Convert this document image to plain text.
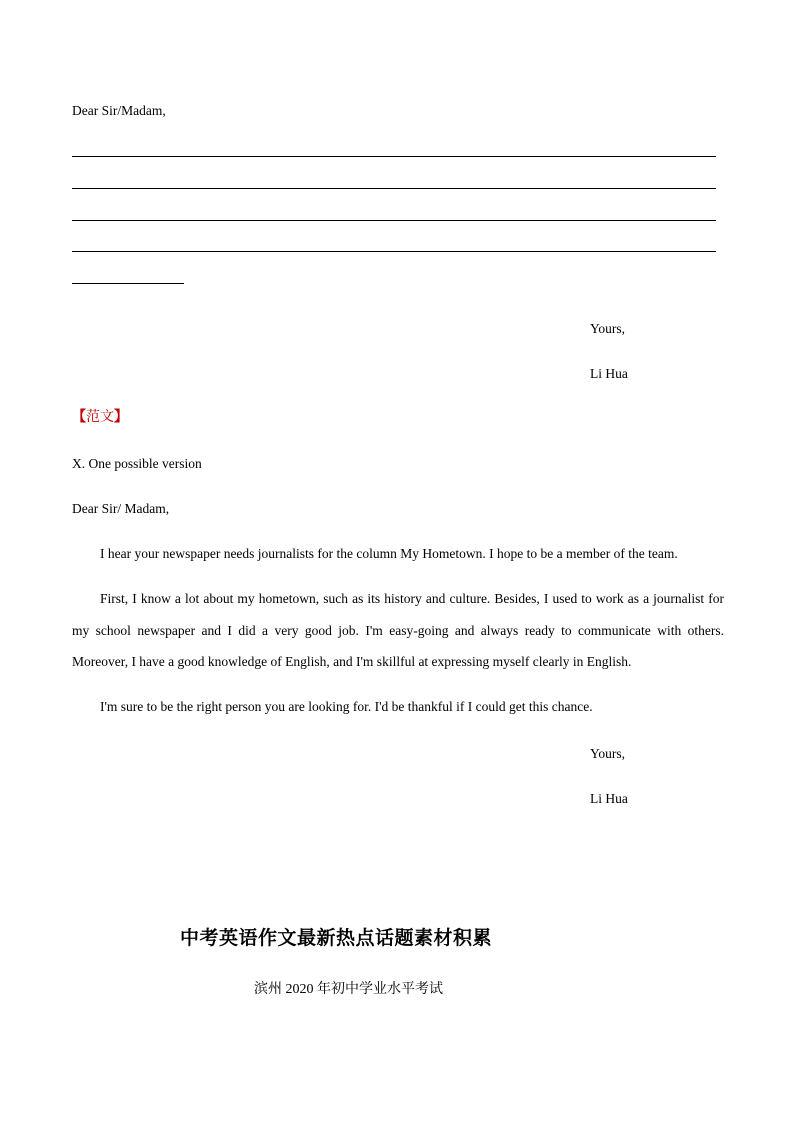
Dear Sir/Madam,
Yours,
Li Hua
【范文】
X. One possible version
Dear Sir/ Madam,
I hear your newspaper needs journalists for the column My Hometown. I hope to be a member of the team.
First, I know a lot about my hometown, such as its history and culture. Besides, I used to work as a journalist for my school newspaper and I did a very good job. I'm easy-going and always ready to communicate with others. Moreover, I have a good knowledge of English, and I'm skillful at expressing myself clearly in English.
I'm sure to be the right person you are looking for. I'd be thankful if I could get this chance.
Yours,
Li Hua
中考英语作文最新热点话题素材积累
滨州 2020 年初中学业水平考试
